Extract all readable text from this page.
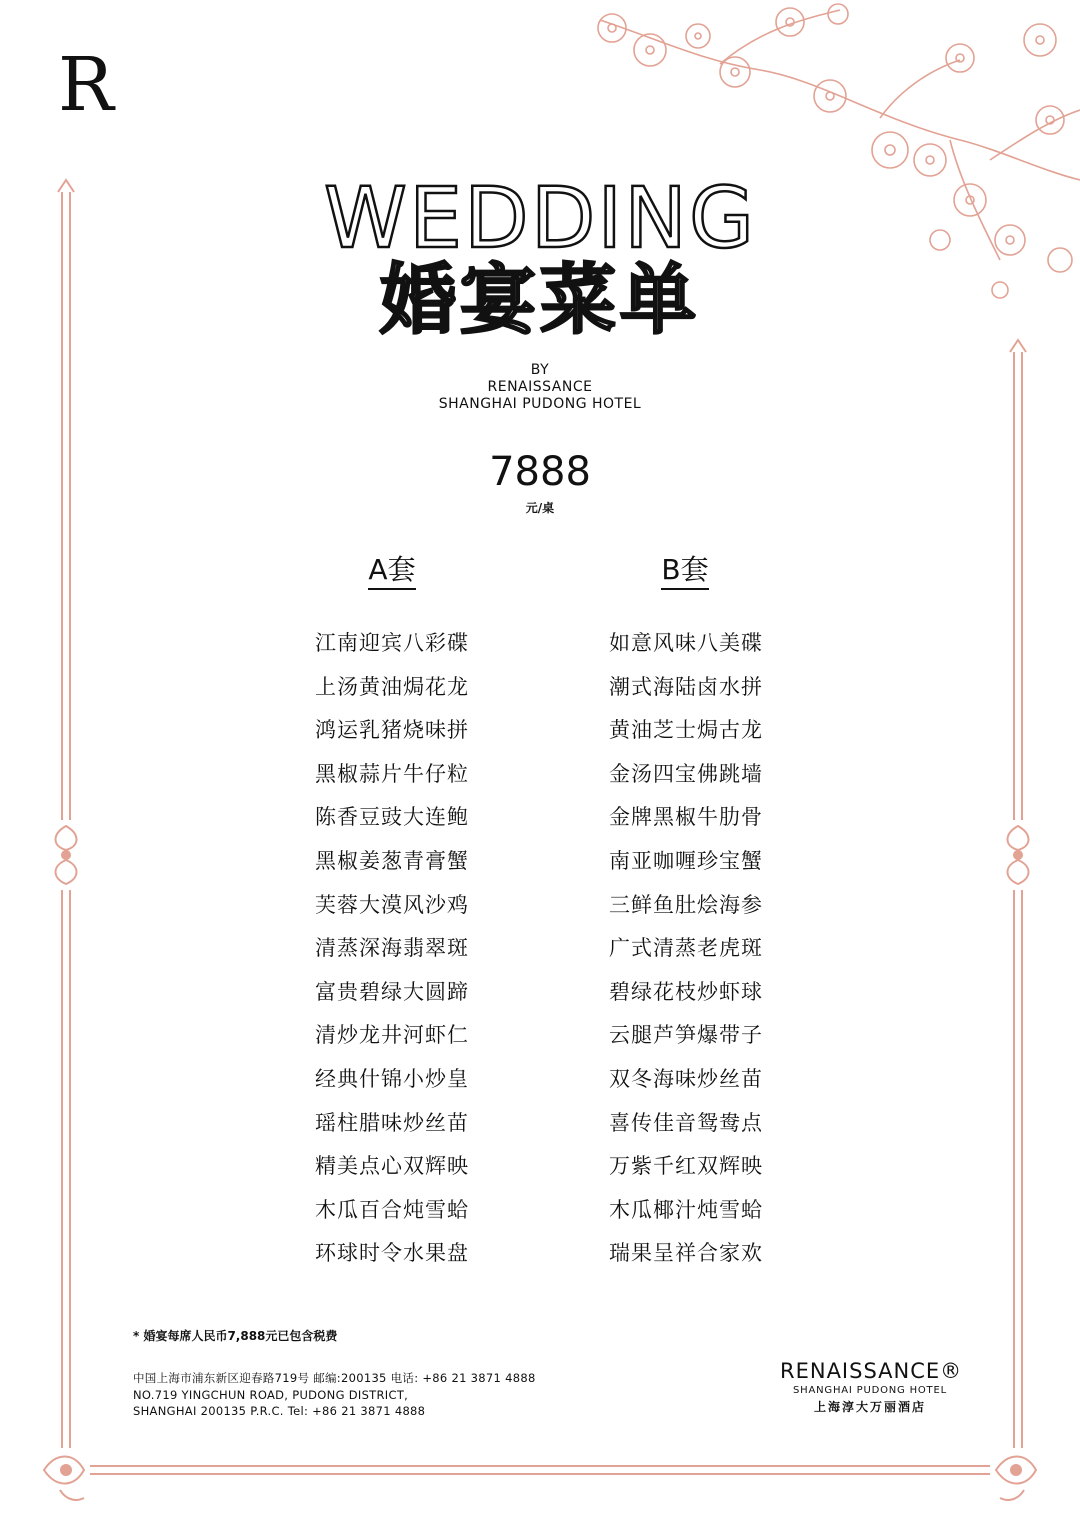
R
WEDDING
婚宴菜单
BY
RENAISSANCE
SHANGHAI PUDONG HOTEL
7888
元/桌
A套	B套
江南迎宾八彩碟
上汤黄油焗花龙
鸿运乳猪烧味拼
黑椒蒜片牛仔粒
陈香豆豉大连鲍
黑椒姜葱青膏蟹
芙蓉大漠风沙鸡
清蒸深海翡翠斑
富贵碧绿大圆蹄
清炒龙井河虾仁
经典什锦小炒皇
瑶柱腊味炒丝苗
精美点心双辉映
木瓜百合炖雪蛤
环球时令水果盘
如意风味八美碟
潮式海陆卤水拼
黄油芝士焗古龙
金汤四宝佛跳墙
金牌黑椒牛肋骨
南亚咖喱珍宝蟹
三鲜鱼肚烩海参
广式清蒸老虎斑
碧绿花枝炒虾球
云腿芦笋爆带子
双冬海味炒丝苗
喜传佳音鸳鸯点
万紫千红双辉映
木瓜椰汁炖雪蛤
瑞果呈祥合家欢
* 婚宴每席人民币7,888元已包含税费
中国上海市浦东新区迎春路719号 邮编:200135 电话: +86 21 3871 4888
NO.719 YINGCHUN ROAD, PUDONG DISTRICT,
SHANGHAI 200135 P.R.C. Tel: +86 21 3871 4888
RENAISSANCE®
SHANGHAI PUDONG HOTEL
上海淳大万丽酒店
